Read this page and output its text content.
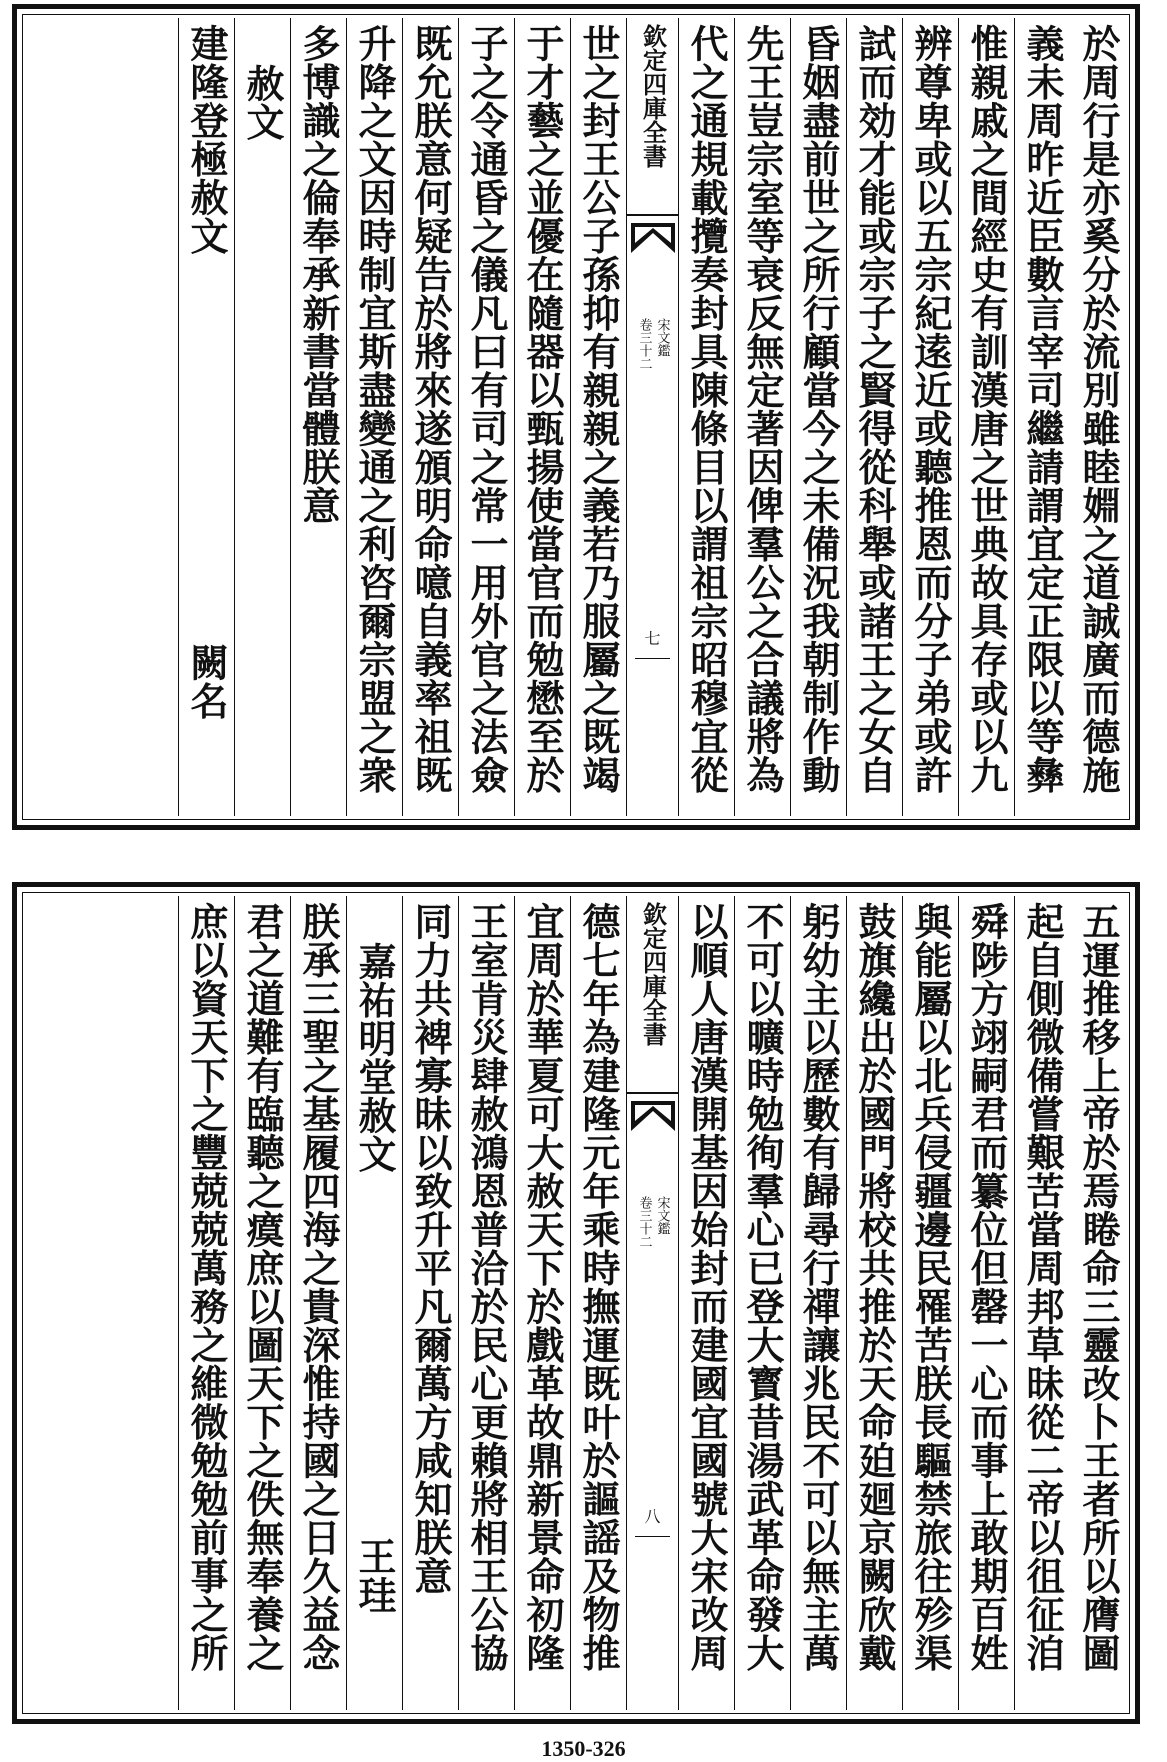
於周行是亦奚分於流別雖睦婣之道誠廣而德施
義未周昨近臣數言宰司繼請謂宜定正限以等彝
惟親戚之間經史有訓漢唐之世典故具存或以九
辨尊卑或以五宗紀逺近或聽推恩而分子弟或許
試而効才能或宗子之賢得從科舉或諸王之女自
昏姻盡前世之所行顧當今之未備況我朝制作動
先王豈宗室等衰反無定著因俾羣公之合議將為
代之通規載攬奏封具陳條目以謂祖宗昭穆宜從
欽定四庫全書
卷三十二 宋文鑑
七
世之封王公子孫抑有親親之義若乃服屬之既竭
于才藝之並優在隨器以甄揚使當官而勉懋至於
子之令通昏之儀凡曰有司之常一用外官之法僉
既允朕意何疑告於將來遂頒明命噫自義率祖既
升降之文因時制宜斯盡變通之利咨爾宗盟之衆
多博識之倫奉承新書當體朕意
赦文
建隆登極赦文
闕名
五運推移上帝於焉睠命三靈改卜王者所以膺圖
起自側微備嘗艱苦當周邦草昧從二帝以徂征洎
舜陟方翊嗣君而纂位但罄一心而事上敢期百姓
與能屬以北兵侵疆邊民罹苦朕長驅禁旅往殄渠
鼓旗纔出於國門將校共推於天命廹廻京闕欣戴
躬幼主以歷數有歸尋行禪讓兆民不可以無主萬
不可以曠時勉徇羣心已登大寳昔湯武革命發大
以順人唐漢開基因始封而建國宜國號大宋改周
欽定四庫全書
卷三十二 宋文鑑
八
德七年為建隆元年乘時撫運既叶於謳謡及物推
宜周於華夏可大赦天下於戲革故鼎新景命初隆
王室肯災肆赦鴻恩普洽於民心更賴將相王公協
同力共裨寡昧以致升平凡爾萬方咸知朕意
嘉祐明堂赦文
王珪
朕承三聖之基履四海之貴深惟持國之日久益念
君之道難有臨聽之瘼庶以圖天下之佚無奉養之
庶以資天下之豐兢兢萬務之維微勉勉前事之所
1350-326
